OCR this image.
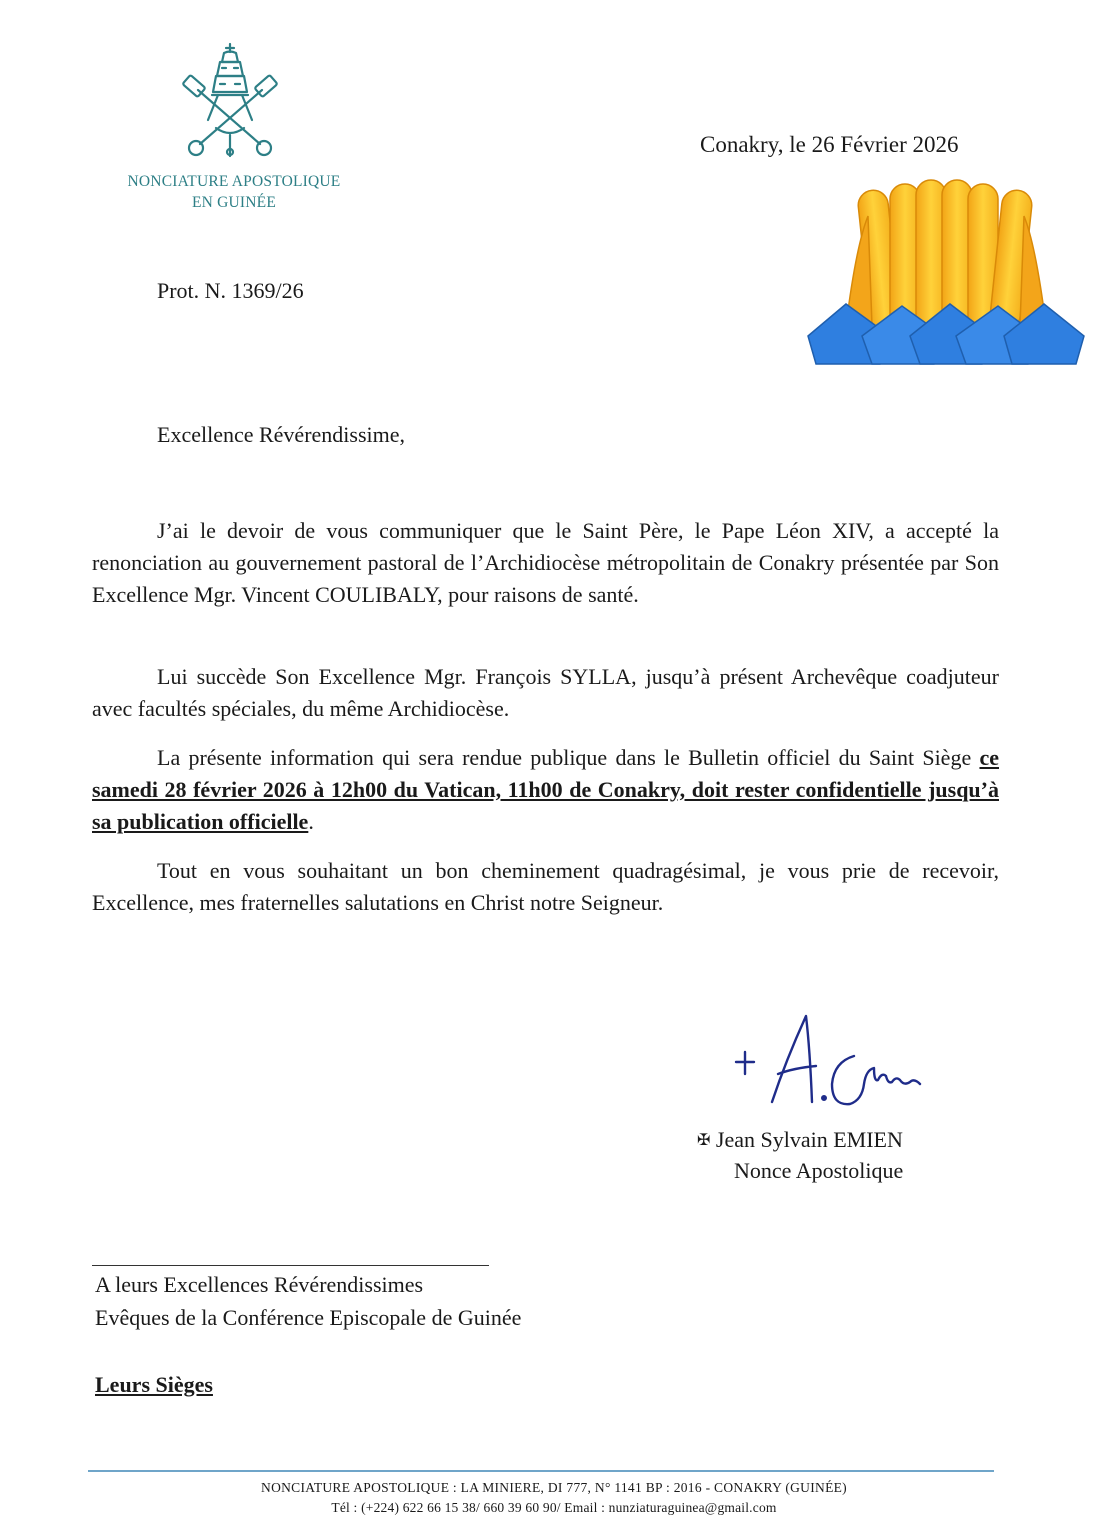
NONCIATURE APOSTOLIQUE
EN GUINÉE
Conakry, le 26 Février 2026
Prot. N. 1369/26
Excellence Révérendissime,

J’ai le devoir de vous communiquer que le Saint Père, le Pape Léon XIV, a accepté la renonciation au gouvernement pastoral de l’Archidiocèse métropolitain de Conakry présentée par Son Excellence Mgr. Vincent COULIBALY, pour raisons de santé.

Lui succède Son Excellence Mgr. François SYLLA, jusqu’à présent Archevêque coadjuteur avec facultés spéciales, du même Archidiocèse.

La présente information qui sera rendue publique dans le Bulletin officiel du Saint Siège ce samedi 28 février 2026 à 12h00 du Vatican, 11h00 de Conakry, doit rester confidentielle jusqu’à sa publication officielle.

Tout en vous souhaitant un bon cheminement quadragésimal, je vous prie de recevoir, Excellence, mes fraternelles salutations en Christ notre Seigneur.

✠ Jean Sylvain EMIEN
Nonce Apostolique
A leurs Excellences Révérendissimes
Evêques de la Conférence Episcopale de Guinée
Leurs Sièges
NONCIATURE APOSTOLIQUE : LA MINIERE, DI 777, N° 1141 BP : 2016 - CONAKRY (GUINÉE)
Tél : (+224) 622 66 15 38/ 660 39 60 90/ Email : nunziaturaguinea@gmail.com
